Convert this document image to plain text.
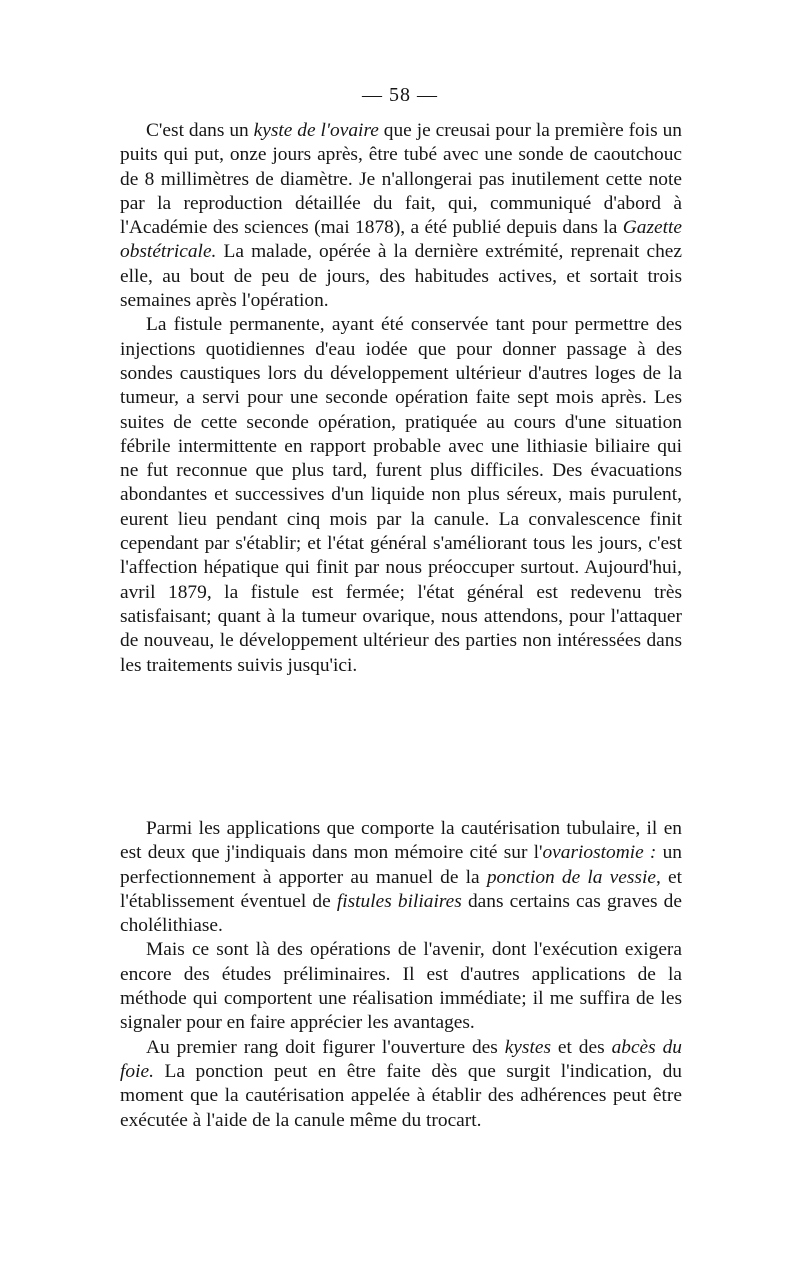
— 58 —

C'est dans un kyste de l'ovaire que je creusai pour la première fois un puits qui put, onze jours après, être tubé avec une sonde de caoutchouc de 8 millimètres de diamètre. Je n'allongerai pas inutilement cette note par la reproduction détaillée du fait, qui, communiqué d'abord à l'Académie des sciences (mai 1878), a été publié depuis dans la Gazette obstétricale. La malade, opérée à la dernière extrémité, reprenait chez elle, au bout de peu de jours, des habitudes actives, et sortait trois semaines après l'opération.

La fistule permanente, ayant été conservée tant pour permettre des injections quotidiennes d'eau iodée que pour donner passage à des sondes caustiques lors du développement ultérieur d'autres loges de la tumeur, a servi pour une seconde opération faite sept mois après. Les suites de cette seconde opération, pratiquée au cours d'une situation fébrile intermittente en rapport probable avec une lithiasie biliaire qui ne fut reconnue que plus tard, furent plus difficiles. Des évacuations abondantes et successives d'un liquide non plus séreux, mais purulent, eurent lieu pendant cinq mois par la canule. La convalescence finit cependant par s'établir; et l'état général s'améliorant tous les jours, c'est l'affection hépatique qui finit par nous préoccuper surtout. Aujourd'hui, avril 1879, la fistule est fermée; l'état général est redevenu très satisfaisant; quant à la tumeur ovarique, nous attendons, pour l'attaquer de nouveau, le développement ultérieur des parties non intéressées dans les traitements suivis jusqu'ici.

Parmi les applications que comporte la cautérisation tubulaire, il en est deux que j'indiquais dans mon mémoire cité sur l'ovariostomie : un perfectionnement à apporter au manuel de la ponction de la vessie, et l'établissement éventuel de fistules biliaires dans certains cas graves de cholélithiase.

Mais ce sont là des opérations de l'avenir, dont l'exécution exigera encore des études préliminaires. Il est d'autres applications de la méthode qui comportent une réalisation immédiate; il me suffira de les signaler pour en faire apprécier les avantages.

Au premier rang doit figurer l'ouverture des kystes et des abcès du foie. La ponction peut en être faite dès que surgit l'indication, du moment que la cautérisation appelée à établir des adhérences peut être exécutée à l'aide de la canule même du trocart.
